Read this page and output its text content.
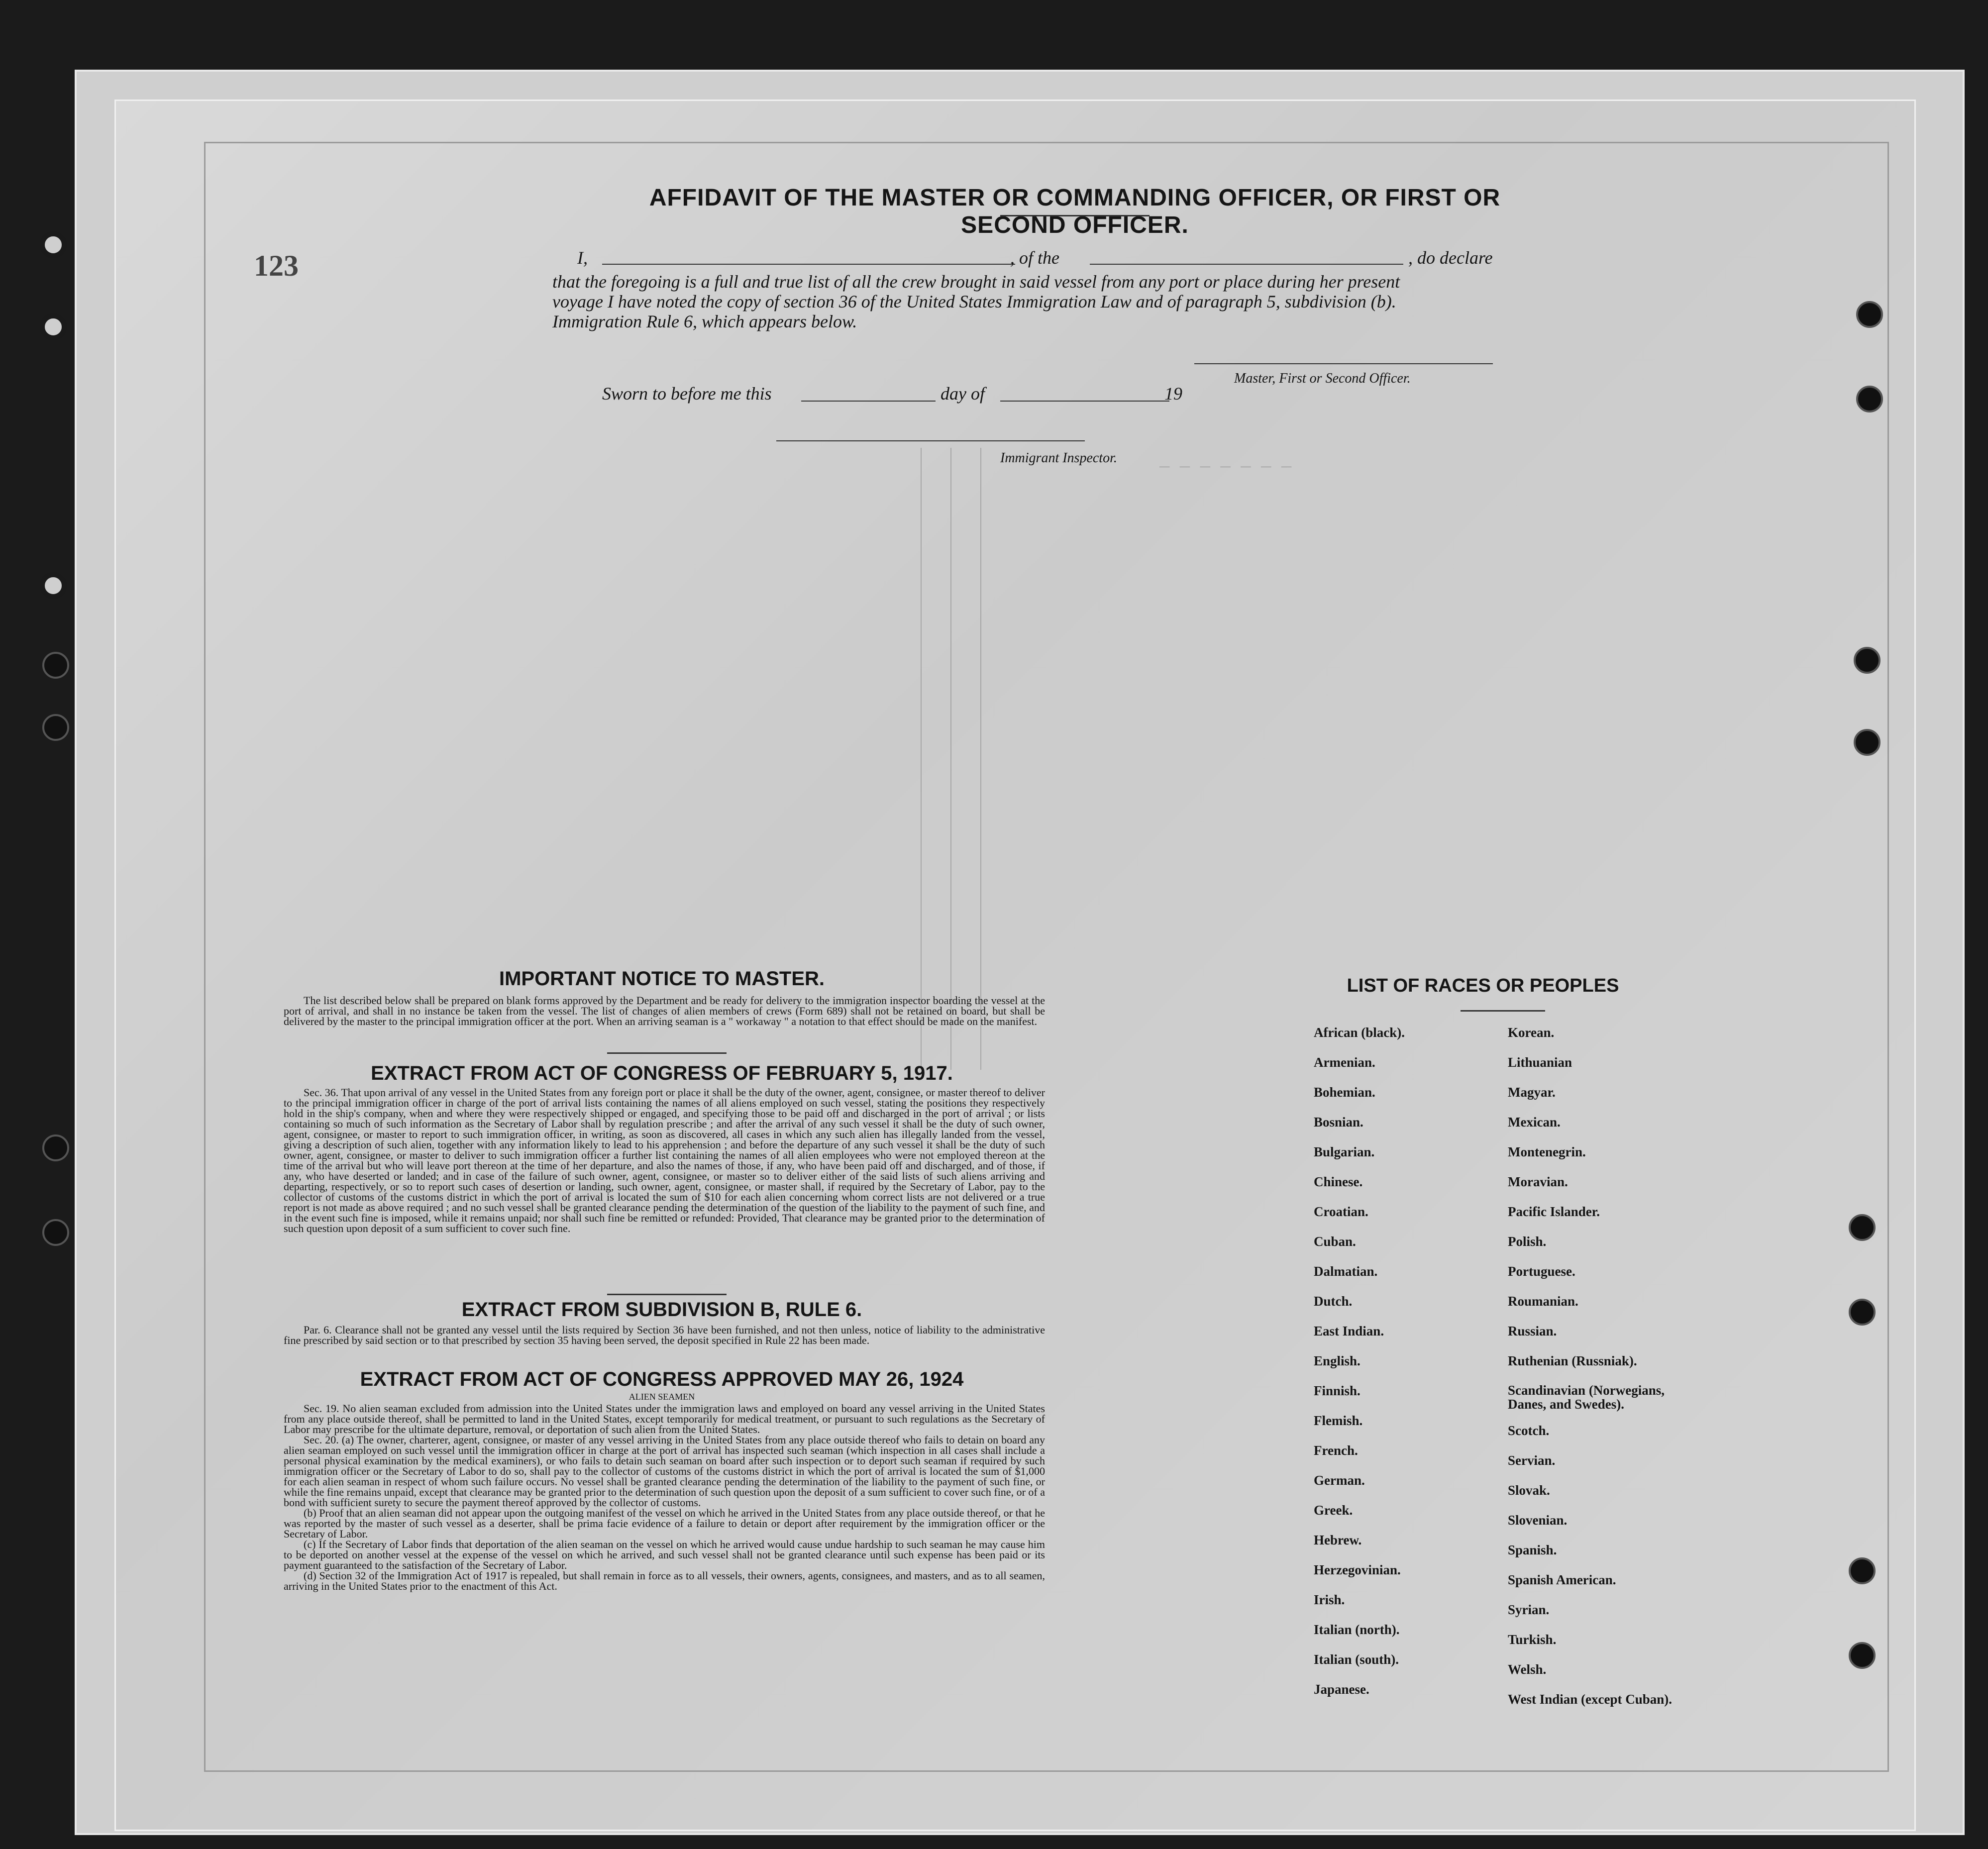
— — — — — — —
123
AFFIDAVIT OF THE MASTER OR COMMANDING OFFICER, OR FIRST OR SECOND OFFICER.
I,	, of the	, do declare
that the foregoing is a full and true list of all the crew brought in said vessel from any port or place during her present
voyage I have noted the copy of section 36 of the United States Immigration Law and of paragraph 5, subdivision (b).
Immigration Rule 6, which appears below.
Master, First or Second Officer.
Sworn to before me this	day of	19
Immigrant Inspector.
IMPORTANT NOTICE TO MASTER.

The list described below shall be prepared on blank forms approved by the Department and be ready for delivery to the immigration inspector boarding the vessel at the port of arrival, and shall in no instance be taken from the vessel. The list of changes of alien members of crews (Form 689) shall not be retained on board, but shall be delivered by the master to the principal immigration officer at the port. When an arriving seaman is a " workaway " a notation to that effect should be made on the manifest.

EXTRACT FROM ACT OF CONGRESS OF FEBRUARY 5, 1917.

Sec. 36. That upon arrival of any vessel in the United States from any foreign port or place it shall be the duty of the owner, agent, consignee, or master thereof to deliver to the principal immigration officer in charge of the port of arrival lists containing the names of all aliens employed on such vessel, stating the positions they respectively hold in the ship's company, when and where they were respectively shipped or engaged, and specifying those to be paid off and discharged in the port of arrival ; or lists containing so much of such information as the Secretary of Labor shall by regulation prescribe ; and after the arrival of any such vessel it shall be the duty of such owner, agent, consignee, or master to report to such immigration officer, in writing, as soon as discovered, all cases in which any such alien has illegally landed from the vessel, giving a description of such alien, together with any information likely to lead to his apprehension ; and before the departure of any such vessel it shall be the duty of such owner, agent, consignee, or master to deliver to such immigration officer a further list containing the names of all alien employees who were not employed thereon at the time of the arrival but who will leave port thereon at the time of her departure, and also the names of those, if any, who have been paid off and discharged, and of those, if any, who have deserted or landed; and in case of the failure of such owner, agent, consignee, or master so to deliver either of the said lists of such aliens arriving and departing, respectively, or so to report such cases of desertion or landing, such owner, agent, consignee, or master shall, if required by the Secretary of Labor, pay to the collector of customs of the customs district in which the port of arrival is located the sum of $10 for each alien concerning whom correct lists are not delivered or a true report is not made as above required ; and no such vessel shall be granted clearance pending the determination of the question of the liability to the payment of such fine, and in the event such fine is imposed, while it remains unpaid; nor shall such fine be remitted or refunded: Provided, That clearance may be granted prior to the determination of such question upon deposit of a sum sufficient to cover such fine.

EXTRACT FROM SUBDIVISION B, RULE 6.

Par. 6. Clearance shall not be granted any vessel until the lists required by Section 36 have been furnished, and not then unless, notice of liability to the administrative fine prescribed by said section or to that prescribed by section 35 having been served, the deposit specified in Rule 22 has been made.

EXTRACT FROM ACT OF CONGRESS APPROVED MAY 26, 1924
ALIEN SEAMEN

Sec. 19. No alien seaman excluded from admission into the United States under the immigration laws and employed on board any vessel arriving in the United States from any place outside thereof, shall be permitted to land in the United States, except temporarily for medical treatment, or pursuant to such regulations as the Secretary of Labor may prescribe for the ultimate departure, removal, or deportation of such alien from the United States.

Sec. 20. (a) The owner, charterer, agent, consignee, or master of any vessel arriving in the United States from any place outside thereof who fails to detain on board any alien seaman employed on such vessel until the immigration officer in charge at the port of arrival has inspected such seaman (which inspection in all cases shall include a personal physical examination by the medical examiners), or who fails to detain such seaman on board after such inspection or to deport such seaman if required by such immigration officer or the Secretary of Labor to do so, shall pay to the collector of customs of the customs district in which the port of arrival is located the sum of $1,000 for each alien seaman in respect of whom such failure occurs. No vessel shall be granted clearance pending the determination of the liability to the payment of such fine, or while the fine remains unpaid, except that clearance may be granted prior to the determination of such question upon the deposit of a sum sufficient to cover such fine, or of a bond with sufficient surety to secure the payment thereof approved by the collector of customs.

(b) Proof that an alien seaman did not appear upon the outgoing manifest of the vessel on which he arrived in the United States from any place outside thereof, or that he was reported by the master of such vessel as a deserter, shall be prima facie evidence of a failure to detain or deport after requirement by the immigration officer or the Secretary of Labor.

(c) If the Secretary of Labor finds that deportation of the alien seaman on the vessel on which he arrived would cause undue hardship to such seaman he may cause him to be deported on another vessel at the expense of the vessel on which he arrived, and such vessel shall not be granted clearance until such expense has been paid or its payment guaranteed to the satisfaction of the Secretary of Labor.

(d) Section 32 of the Immigration Act of 1917 is repealed, but shall remain in force as to all vessels, their owners, agents, consignees, and masters, and as to all seamen, arriving in the United States prior to the enactment of this Act.

LIST OF RACES OR PEOPLES
African (black).
Armenian.
Bohemian.
Bosnian.
Bulgarian.
Chinese.
Croatian.
Cuban.
Dalmatian.
Dutch.
East Indian.
English.
Finnish.
Flemish.
French.
German.
Greek.
Hebrew.
Herzegovinian.
Irish.
Italian (north).
Italian (south).
Japanese.
Korean.
Lithuanian
Magyar.
Mexican.
Montenegrin.
Moravian.
Pacific Islander.
Polish.
Portuguese.
Roumanian.
Russian.
Ruthenian (Russniak).
Scandinavian (Norwegians, Danes, and Swedes).
Scotch.
Servian.
Slovak.
Slovenian.
Spanish.
Spanish American.
Syrian.
Turkish.
Welsh.
West Indian (except Cuban).
